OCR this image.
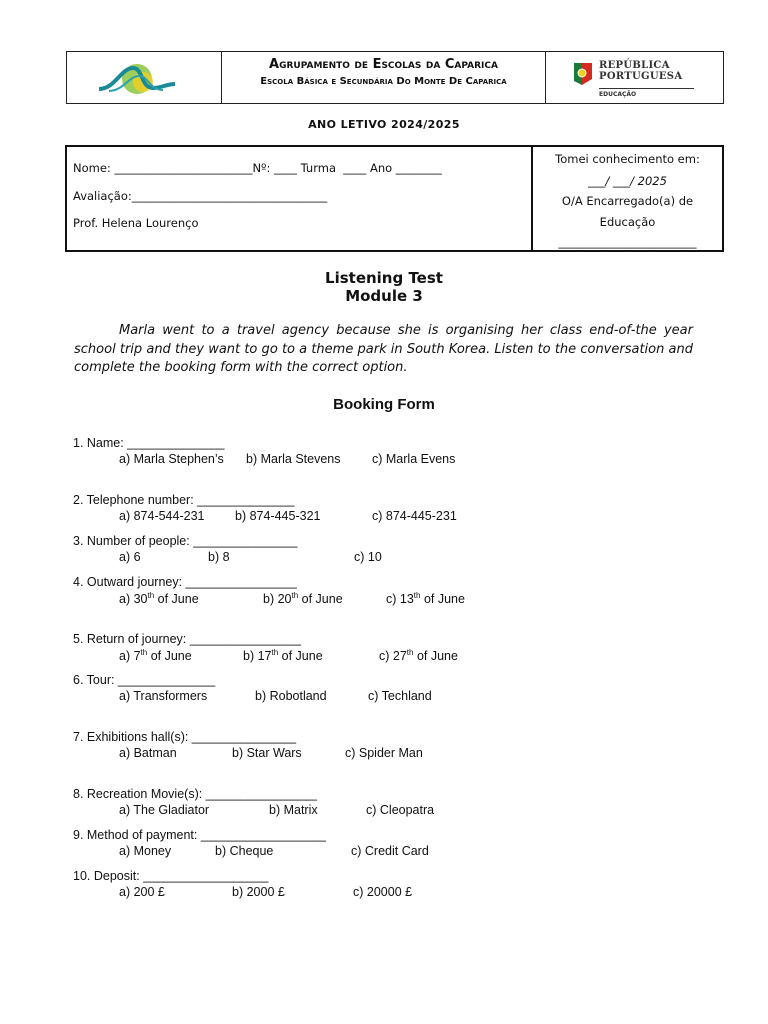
Agrupamento de Escolas da Caparica
Escola Básica e Secundária Do Monte De Caparica
REPÚBLICA
PORTUGUESA
EDUCAÇÃO
ANO LETIVO 2024/2025
Nome: ________________________Nº: ____ Turma  ____ Ano ________
Avaliação:__________________________________
Prof. Helena Lourenço
Tomei conhecimento em:
___/ ___/ 2025
O/A Encarregado(a) de
Educação
________________________
Listening Test
Module 3
Marla went to a travel agency because she is organising her class end-of-the year school trip and they want to go to a theme park in South Korea. Listen to the conversation and complete the booking form with the correct option.
Booking Form
1. Name: ______________
a) Marla Stephen’s b) Marla Stevens	c) Marla Evens
2. Telephone number: ______________
a) 874-544-231 b) 874-445-321	c) 874-445-231
3. Number of people: _______________
a) 6	b) 8	c) 10
4. Outward journey: ________________
a) 30th of June	b) 20th of June	c) 13th of June
5. Return of journey: ________________
a) 7th of June	b) 17th of June	c) 27th of June
6. Tour: ______________
a) Transformers	b) Robotland	c) Techland
7. Exhibitions hall(s): _______________
a) Batman	b) Star Wars	c) Spider Man
8. Recreation Movie(s): ________________
a) The Gladiator	b) Matrix	c) Cleopatra
9. Method of payment: __________________
a) Money	b) Cheque	c) Credit Card
10. Deposit: __________________
a) 200 £	b) 2000 £	c) 20000 £
